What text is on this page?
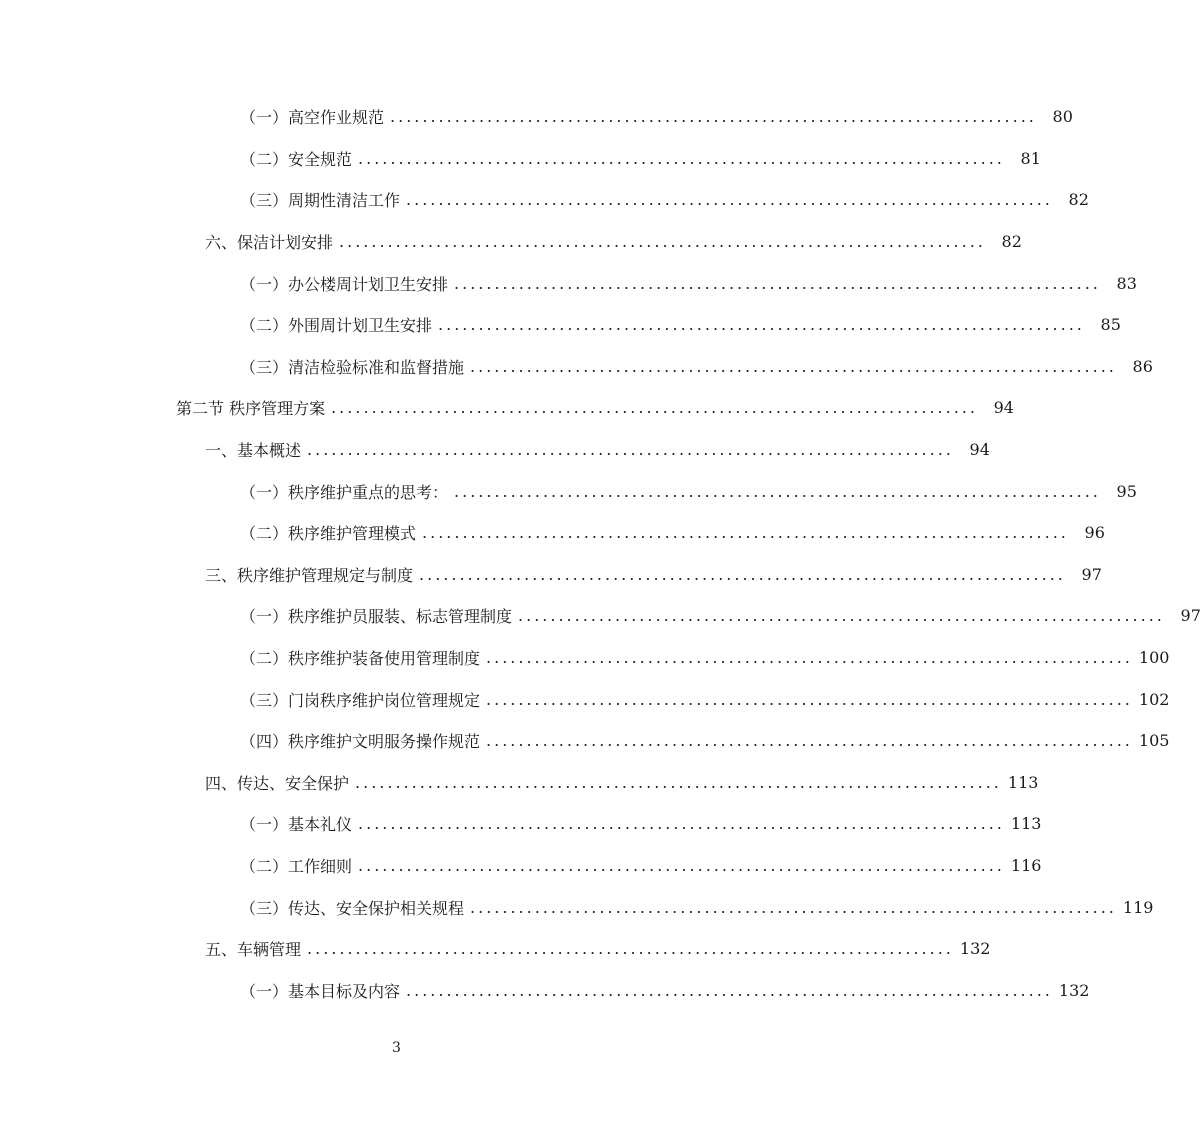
（一）高空作业规范 ................................................................................ 80
（二）安全规范 ................................................................................ 81
（三）周期性清洁工作 ................................................................................ 82
六、保洁计划安排 ................................................................................ 82
（一）办公楼周计划卫生安排 ................................................................................ 83
（二）外围周计划卫生安排 ................................................................................ 85
（三）清洁检验标准和监督措施 ................................................................................ 86
第二节 秩序管理方案 ................................................................................ 94
一、基本概述 ................................................................................ 94
（一）秩序维护重点的思考： ................................................................................ 95
（二）秩序维护管理模式 ................................................................................ 96
三、秩序维护管理规定与制度 ................................................................................ 97
（一）秩序维护员服装、标志管理制度 ................................................................................ 97
（二）秩序维护装备使用管理制度 ................................................................................ 100
（三）门岗秩序维护岗位管理规定 ................................................................................ 102
（四）秩序维护文明服务操作规范 ................................................................................ 105
四、传达、安全保护 ................................................................................ 113
（一）基本礼仪 ................................................................................ 113
（二）工作细则 ................................................................................ 116
（三）传达、安全保护相关规程 ................................................................................ 119
五、车辆管理 ................................................................................ 132
（一）基本目标及内容 ................................................................................ 132
3
